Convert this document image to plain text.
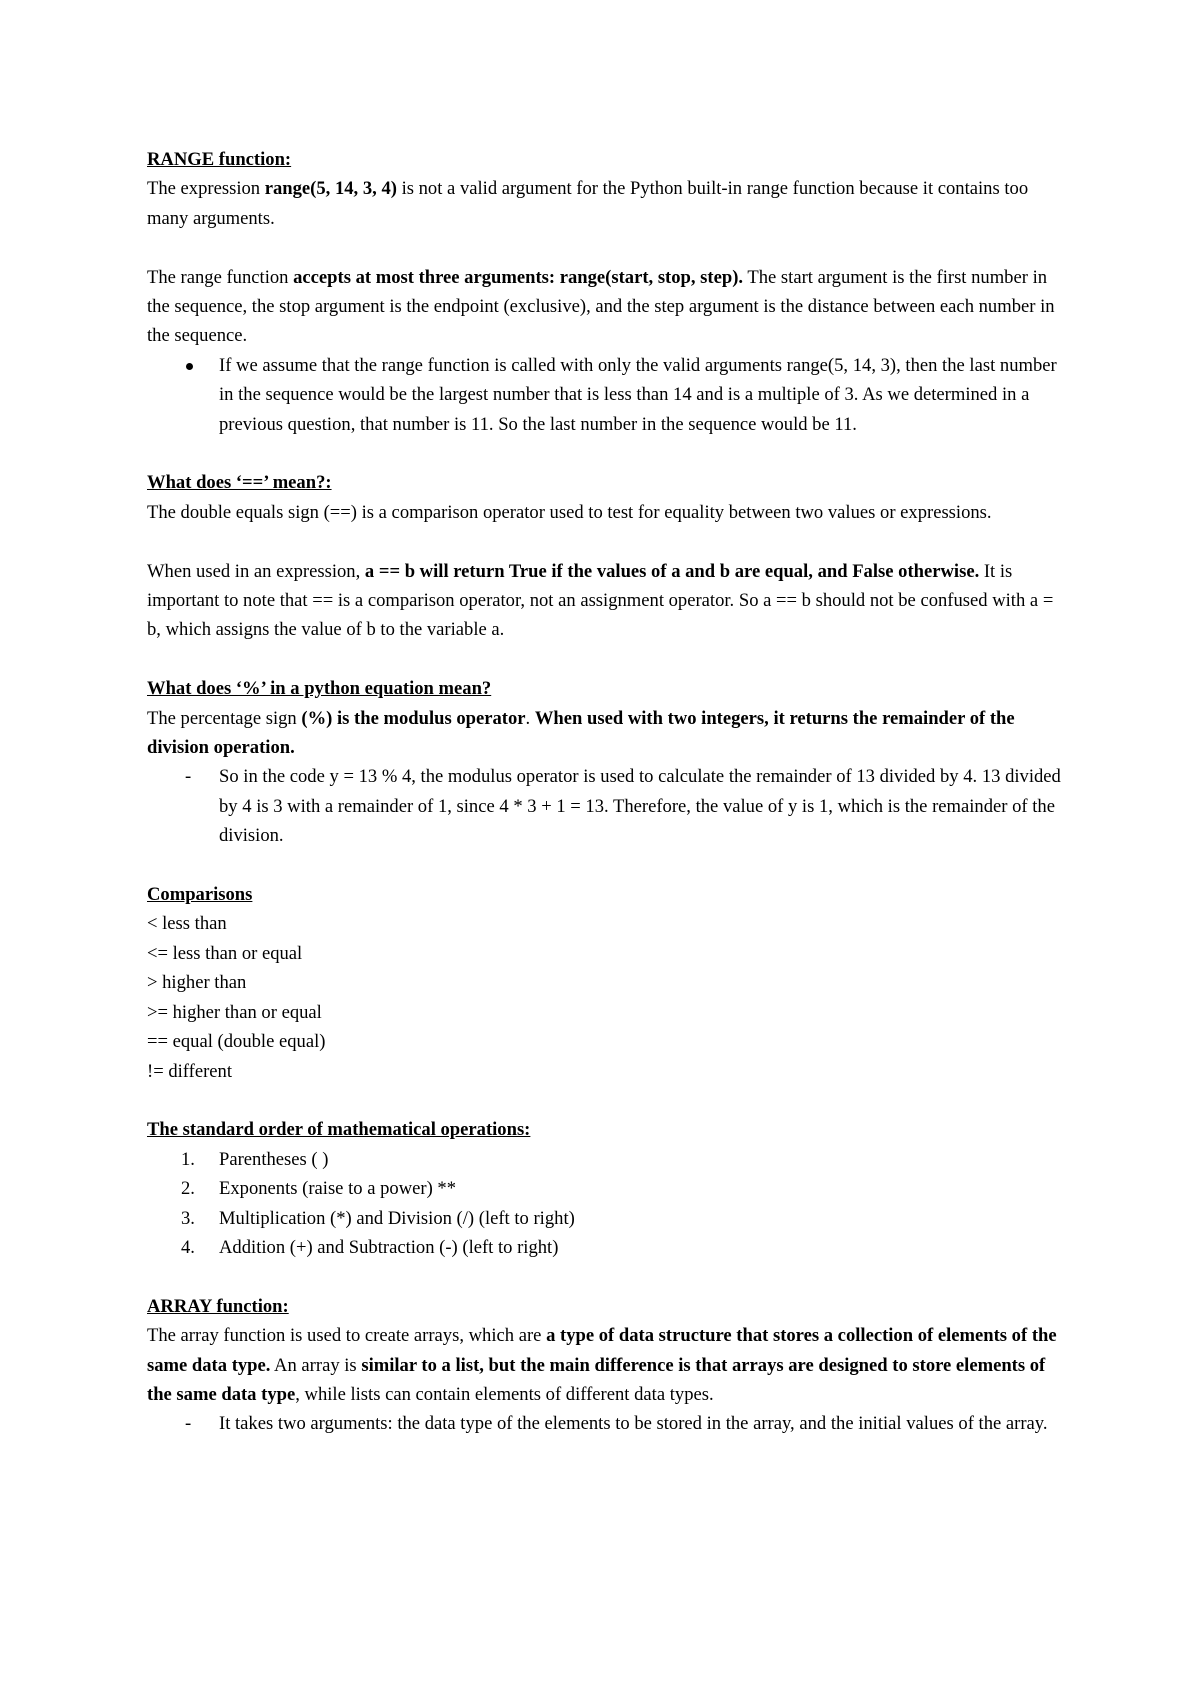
RANGE function:

The expression range(5, 14, 3, 4) is not a valid argument for the Python built-in range function because it contains too many arguments.

The range function accepts at most three arguments: range(start, stop, step). The start argument is the first number in the sequence, the stop argument is the endpoint (exclusive), and the step argument is the distance between each number in the sequence.

If we assume that the range function is called with only the valid arguments range(5, 14, 3), then the last number in the sequence would be the largest number that is less than 14 and is a multiple of 3. As we determined in a previous question, that number is 11. So the last number in the sequence would be 11.

What does ‘==’ mean?:

The double equals sign (==) is a comparison operator used to test for equality between two values or expressions.

When used in an expression, a == b will return True if the values of a and b are equal, and False otherwise. It is important to note that == is a comparison operator, not an assignment operator. So a == b should not be confused with a = b, which assigns the value of b to the variable a.

What does ‘%’ in a python equation mean?

The percentage sign (%) is the modulus operator. When used with two integers, it returns the remainder of the division operation.

-	So in the code y = 13 % 4, the modulus operator is used to calculate the remainder of 13 divided by 4. 13 divided by 4 is 3 with a remainder of 1, since 4 * 3 + 1 = 13. Therefore, the value of y is 1, which is the remainder of the division.

Comparisons

< less than

<= less than or equal

> higher than

>= higher than or equal

== equal (double equal)

!= different

The standard order of mathematical operations:

1.	Parentheses ( )
2.	Exponents (raise to a power) **
3.	Multiplication (*) and Division (/) (left to right)
4.	Addition (+) and Subtraction (-) (left to right)

ARRAY function:

The array function is used to create arrays, which are a type of data structure that stores a collection of elements of the same data type. An array is similar to a list, but the main difference is that arrays are designed to store elements of the same data type, while lists can contain elements of different data types.

-	It takes two arguments: the data type of the elements to be stored in the array, and the initial values of the array.
